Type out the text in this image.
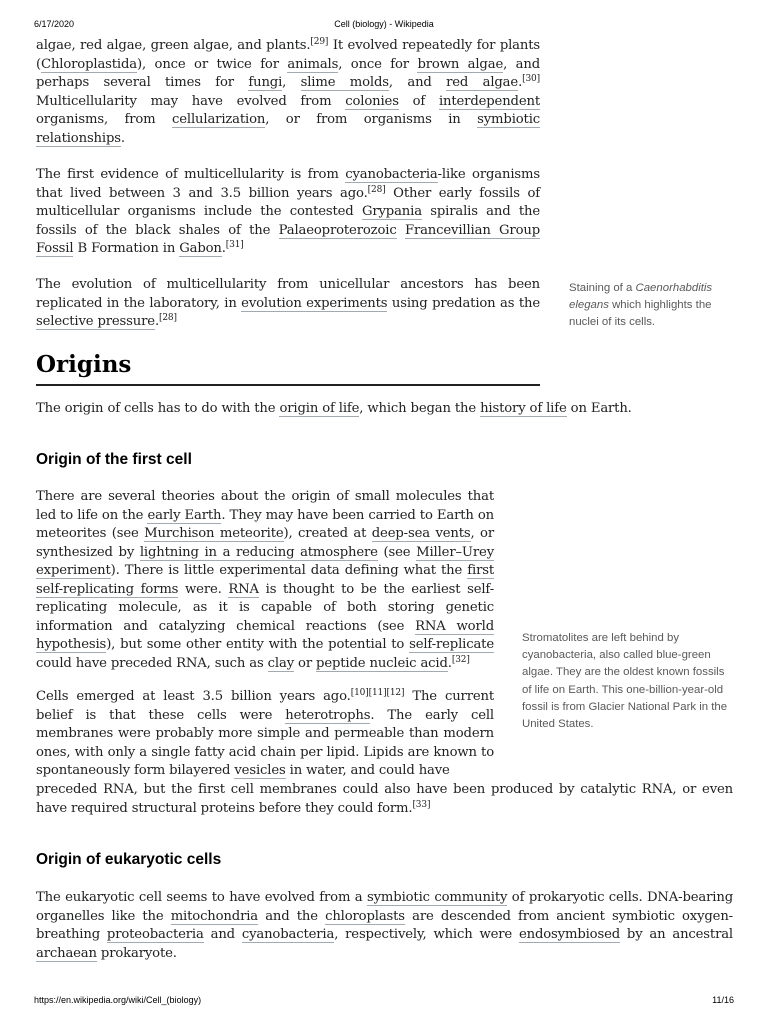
6/17/2020	Cell (biology) - Wikipedia

algae, red algae, green algae, and plants.[29] It evolved repeatedly for plants (Chloroplastida), once or twice for animals, once for brown algae, and perhaps several times for fungi, slime molds, and red algae.[30] Multicellularity may have evolved from colonies of interdependent organisms, from cellularization, or from organisms in symbiotic relationships.

The first evidence of multicellularity is from cyanobacteria-like organisms that lived between 3 and 3.5 billion years ago.[28] Other early fossils of multicellular organisms include the contested Grypania spiralis and the fossils of the black shales of the Palaeoproterozoic Francevillian Group Fossil B Formation in Gabon.[31]

The evolution of multicellularity from unicellular ancestors has been replicated in the laboratory, in evolution experiments using predation as the selective pressure.[28]

Staining of a Caenorhabditis elegans which highlights the nuclei of its cells.

Origins

The origin of cells has to do with the origin of life, which began the history of life on Earth.

Origin of the first cell

There are several theories about the origin of small molecules that led to life on the early Earth. They may have been carried to Earth on meteorites (see Murchison meteorite), created at deep-sea vents, or synthesized by lightning in a reducing atmosphere (see Miller–Urey experiment). There is little experimental data defining what the first self-replicating forms were. RNA is thought to be the earliest self-replicating molecule, as it is capable of both storing genetic information and catalyzing chemical reactions (see RNA world hypothesis), but some other entity with the potential to self-replicate could have preceded RNA, such as clay or peptide nucleic acid.[32]

Cells emerged at least 3.5 billion years ago.[10][11][12] The current belief is that these cells were heterotrophs. The early cell membranes were probably more simple and permeable than modern ones, with only a single fatty acid chain per lipid. Lipids are known to spontaneously form bilayered vesicles in water, and could have

preceded RNA, but the first cell membranes could also have been produced by catalytic RNA, or even have required structural proteins before they could form.[33]

Stromatolites are left behind by cyanobacteria, also called blue-green algae. They are the oldest known fossils of life on Earth. This one-billion-year-old fossil is from Glacier National Park in the United States.

Origin of eukaryotic cells

The eukaryotic cell seems to have evolved from a symbiotic community of prokaryotic cells. DNA-bearing organelles like the mitochondria and the chloroplasts are descended from ancient symbiotic oxygen-breathing proteobacteria and cyanobacteria, respectively, which were endosymbiosed by an ancestral archaean prokaryote.

https://en.wikipedia.org/wiki/Cell_(biology)	11/16
